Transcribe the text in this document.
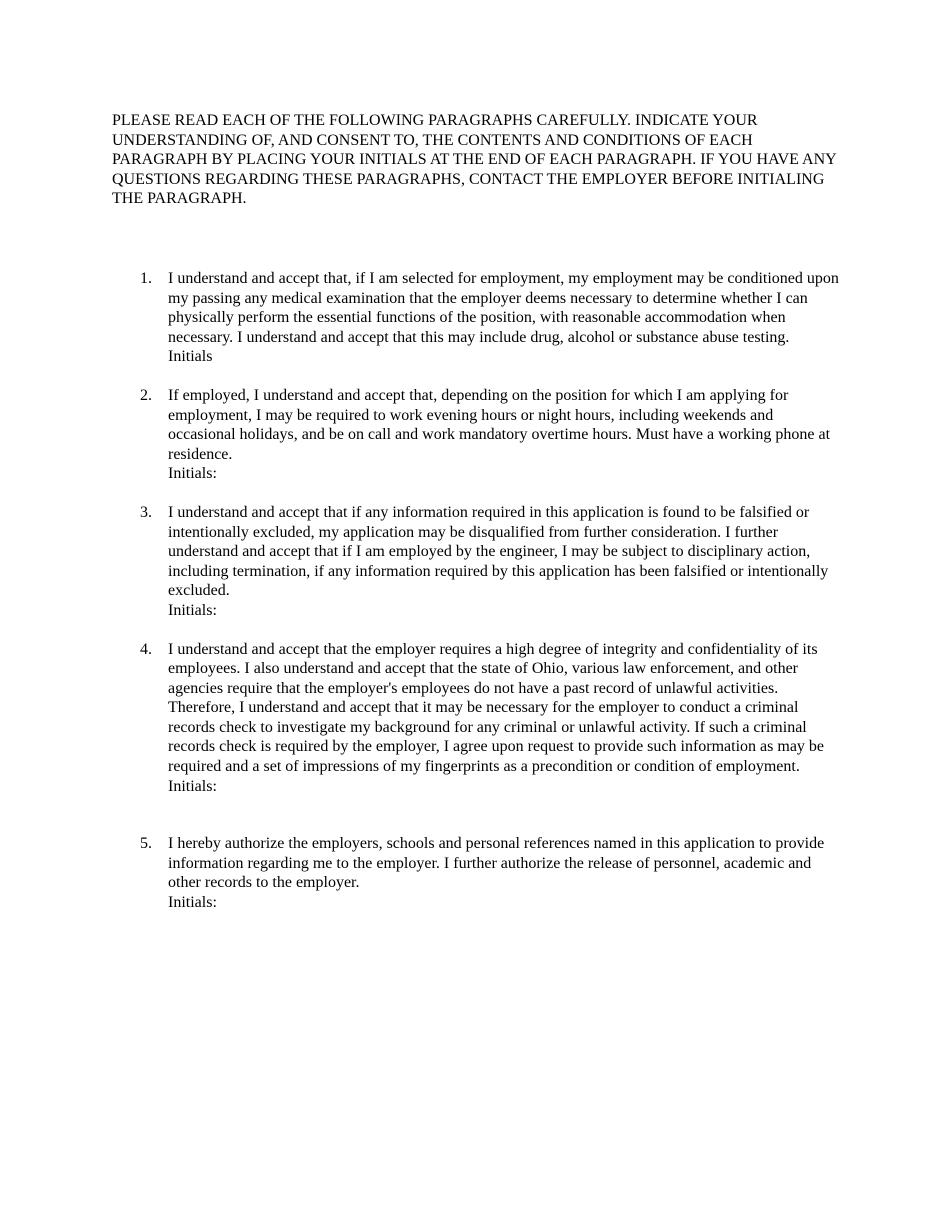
PLEASE READ EACH OF THE FOLLOWING PARAGRAPHS CAREFULLY. INDICATE YOUR UNDERSTANDING OF, AND CONSENT TO, THE CONTENTS AND CONDITIONS OF EACH PARAGRAPH BY PLACING YOUR INITIALS AT THE END OF EACH PARAGRAPH. IF YOU HAVE ANY QUESTIONS REGARDING THESE PARAGRAPHS, CONTACT THE EMPLOYER BEFORE INITIALING THE PARAGRAPH.

1. I understand and accept that, if I am selected for employment, my employment may be conditioned upon my passing any medical examination that the employer deems necessary to determine whether I can physically perform the essential functions of the position, with reasonable accommodation when necessary. I understand and accept that this may include drug, alcohol or substance abuse testing.
Initials
2. If employed, I understand and accept that, depending on the position for which I am applying for employment, I may be required to work evening hours or night hours, including weekends and occasional holidays, and be on call and work mandatory overtime hours. Must have a working phone at residence.
Initials:
3. I understand and accept that if any information required in this application is found to be falsified or intentionally excluded, my application may be disqualified from further consideration. I further understand and accept that if I am employed by the engineer, I may be subject to disciplinary action, including termination, if any information required by this application has been falsified or intentionally excluded.
Initials:
4. I understand and accept that the employer requires a high degree of integrity and confidentiality of its employees. I also understand and accept that the state of Ohio, various law enforcement, and other agencies require that the employer's employees do not have a past record of unlawful activities. Therefore, I understand and accept that it may be necessary for the employer to conduct a criminal records check to investigate my background for any criminal or unlawful activity. If such a criminal records check is required by the employer, I agree upon request to provide such information as may be required and a set of impressions of my fingerprints as a precondition or condition of employment.
Initials:
5. I hereby authorize the employers, schools and personal references named in this application to provide information regarding me to the employer. I further authorize the release of personnel, academic and other records to the employer.
Initials:
